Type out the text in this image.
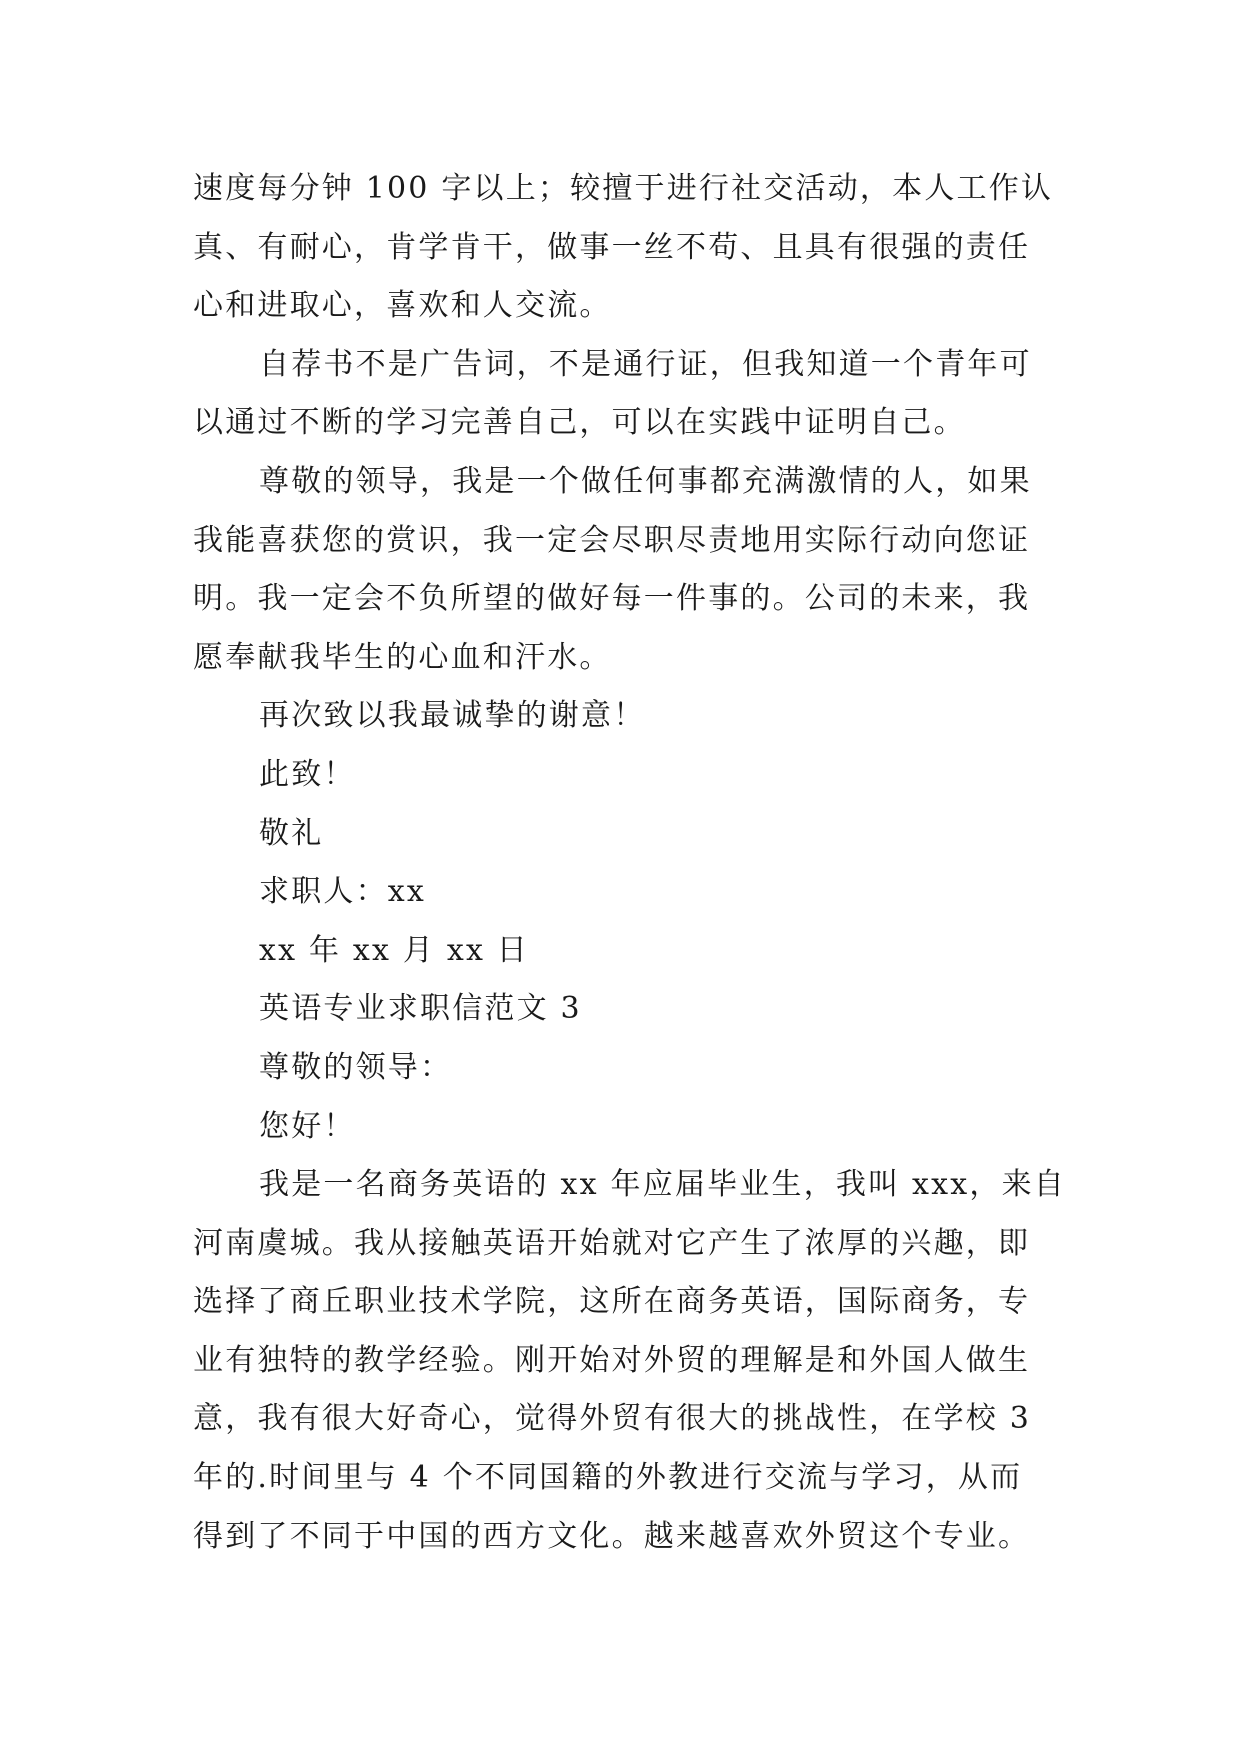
速度每分钟 100 字以上；较擅于进行社交活动，本人工作认
真、有耐心，肯学肯干，做事一丝不苟、且具有很强的责任
心和进取心，喜欢和人交流。
自荐书不是广告词，不是通行证，但我知道一个青年可
以通过不断的学习完善自己，可以在实践中证明自己。
尊敬的领导，我是一个做任何事都充满激情的人，如果
我能喜获您的赏识，我一定会尽职尽责地用实际行动向您证
明。我一定会不负所望的做好每一件事的。公司的未来，我
愿奉献我毕生的心血和汗水。
再次致以我最诚挚的谢意！
此致！
敬礼
求职人：xx
xx 年 xx 月 xx 日
英语专业求职信范文 3
尊敬的领导：
您好！
我是一名商务英语的 xx 年应届毕业生，我叫 xxx，来自
河南虞城。我从接触英语开始就对它产生了浓厚的兴趣，即
选择了商丘职业技术学院，这所在商务英语，国际商务，专
业有独特的教学经验。刚开始对外贸的理解是和外国人做生
意，我有很大好奇心，觉得外贸有很大的挑战性，在学校 3
年的.时间里与 4 个不同国籍的外教进行交流与学习，从而
得到了不同于中国的西方文化。越来越喜欢外贸这个专业。
